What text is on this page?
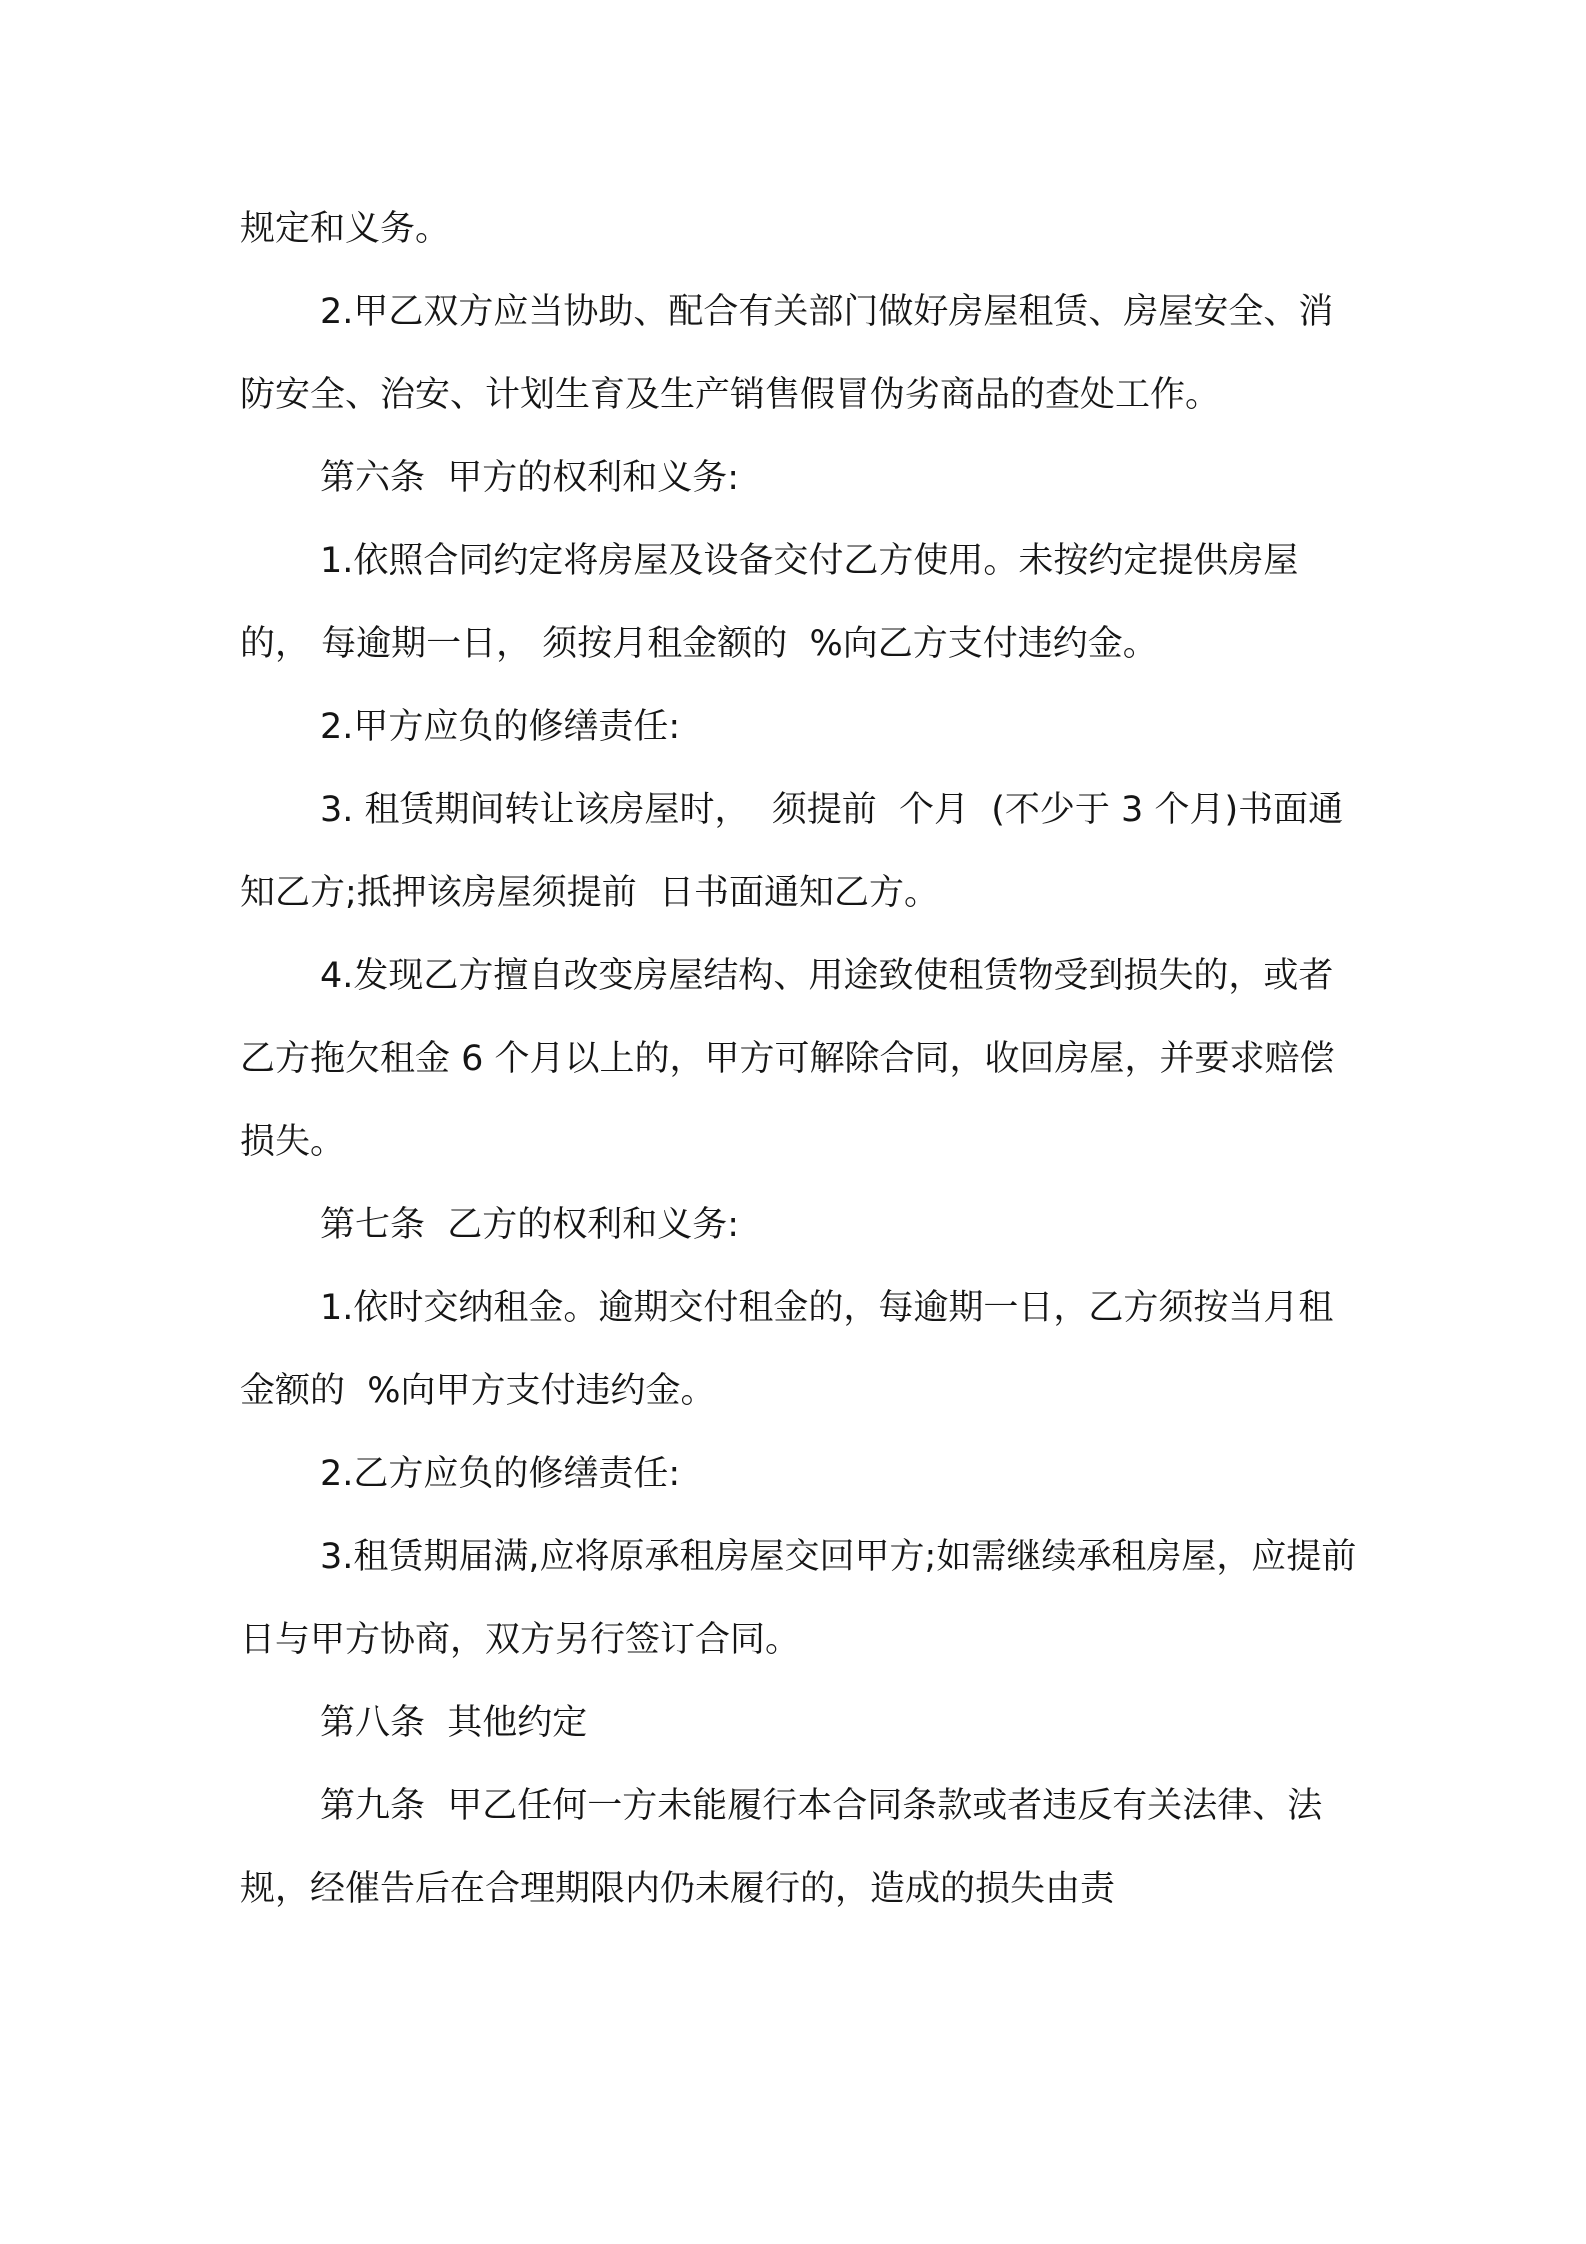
规定和义务。

2.甲乙双方应当协助、配合有关部门做好房屋租赁、房屋安全、消防安全、治安、计划生育及生产销售假冒伪劣商品的查处工作。

第六条  甲方的权利和义务:

1.依照合同约定将房屋及设备交付乙方使用。未按约定提供房屋的， 每逾期一日， 须按月租金额的  %向乙方支付违约金。

2.甲方应负的修缮责任:

3. 租赁期间转让该房屋时，  须提前  个月  (不少于 3 个月)书面通知乙方;抵押该房屋须提前  日书面通知乙方。

4.发现乙方擅自改变房屋结构、用途致使租赁物受到损失的，或者乙方拖欠租金 6 个月以上的，甲方可解除合同，收回房屋，并要求赔偿损失。

第七条  乙方的权利和义务:

1.依时交纳租金。逾期交付租金的，每逾期一日，乙方须按当月租金额的  %向甲方支付违约金。

2.乙方应负的修缮责任:

3.租赁期届满,应将原承租房屋交回甲方;如需继续承租房屋，应提前  日与甲方协商，双方另行签订合同。

第八条  其他约定

第九条  甲乙任何一方未能履行本合同条款或者违反有关法律、法规，经催告后在合理期限内仍未履行的，造成的损失由责
